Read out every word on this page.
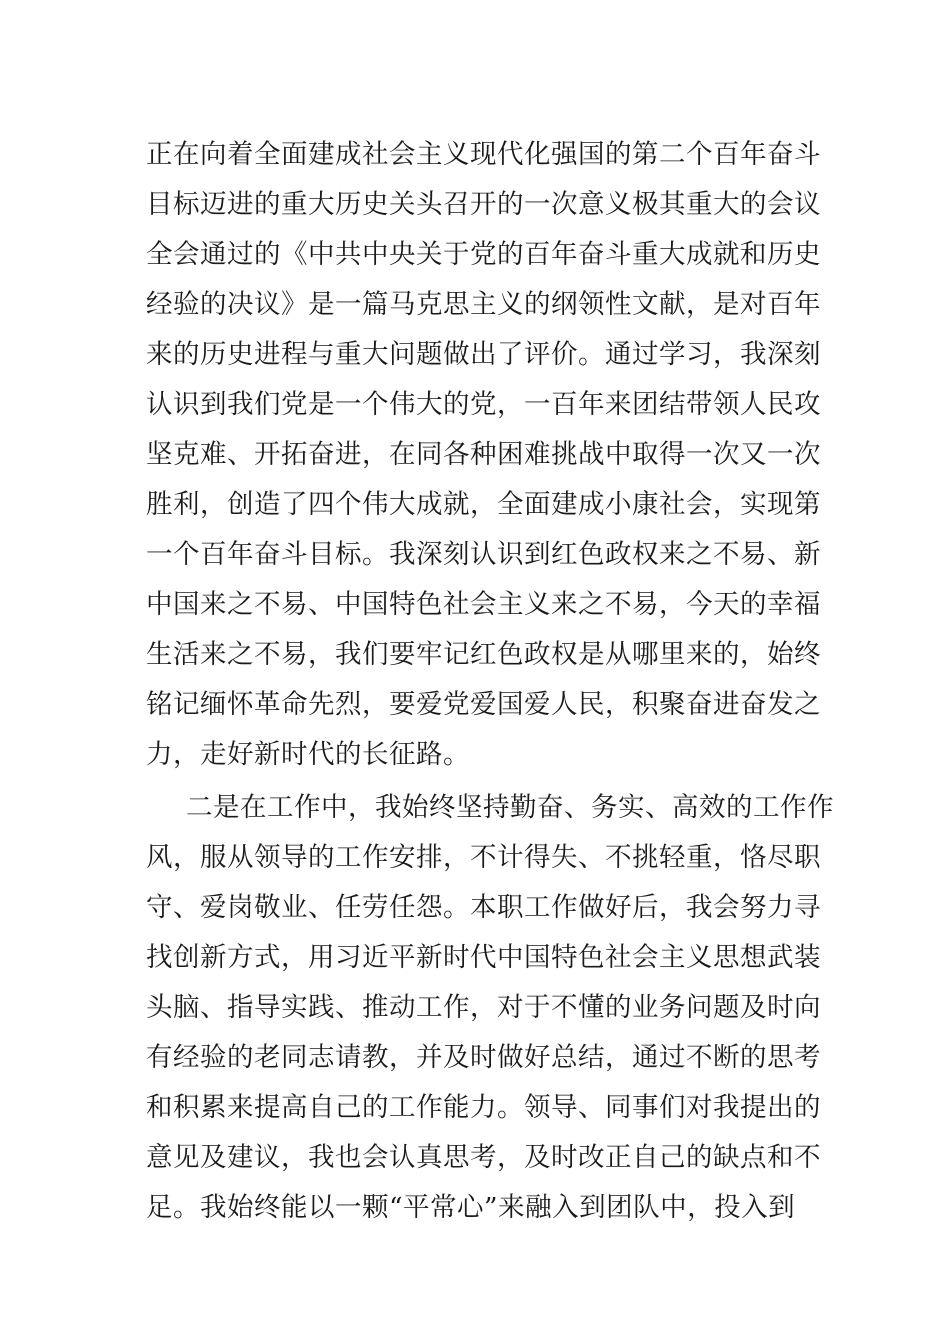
正在向着全面建成社会主义现代化强国的第二个百年奋斗
目标迈进的重大历史关头召开的一次意义极其重大的会议
全会通过的《中共中央关于党的百年奋斗重大成就和历史
经验的决议》是一篇马克思主义的纲领性文献，是对百年
来的历史进程与重大问题做出了评价。通过学习，我深刻
认识到我们党是一个伟大的党，一百年来团结带领人民攻
坚克难、开拓奋进，在同各种困难挑战中取得一次又一次
胜利，创造了四个伟大成就，全面建成小康社会，实现第
一个百年奋斗目标。我深刻认识到红色政权来之不易、新
中国来之不易、中国特色社会主义来之不易，今天的幸福
生活来之不易，我们要牢记红色政权是从哪里来的，始终
铭记缅怀革命先烈，要爱党爱国爱人民，积聚奋进奋发之
力，走好新时代的长征路。
二是在工作中，我始终坚持勤奋、务实、高效的工作作
风，服从领导的工作安排，不计得失、不挑轻重，恪尽职
守、爱岗敬业、任劳任怨。本职工作做好后，我会努力寻
找创新方式，用习近平新时代中国特色社会主义思想武装
头脑、指导实践、推动工作，对于不懂的业务问题及时向
有经验的老同志请教，并及时做好总结，通过不断的思考
和积累来提高自己的工作能力。领导、同事们对我提出的
意见及建议，我也会认真思考，及时改正自己的缺点和不
足。我始终能以一颗“平常心”来融入到团队中，投入到
